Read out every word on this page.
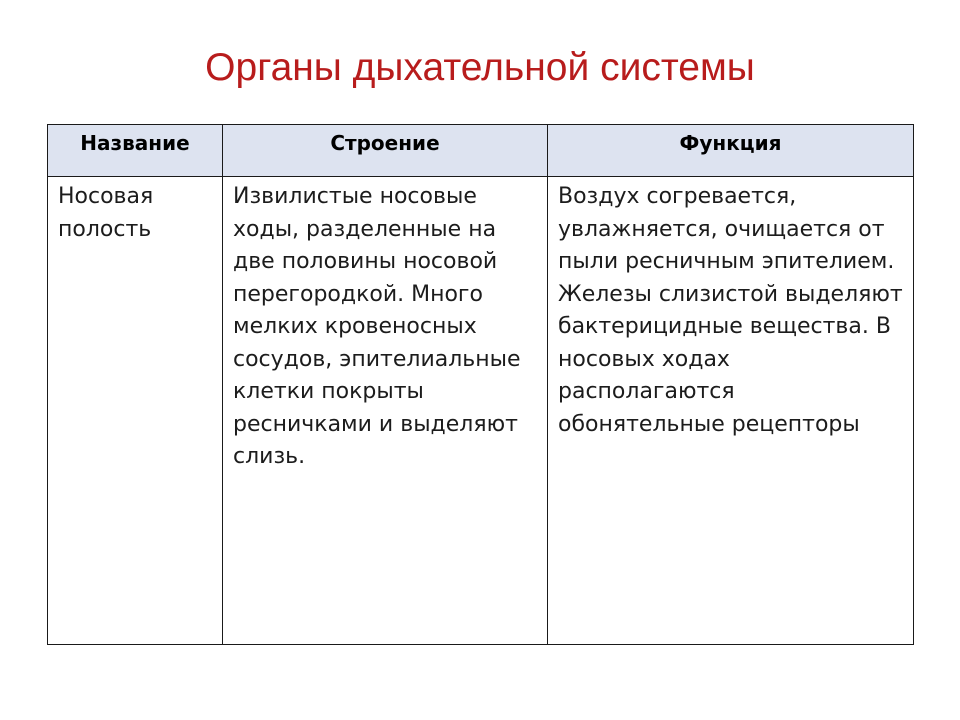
Органы дыхательной системы
Название	Строение	Функция
Носовая полость	Извилистые носовые ходы, разделенные на две половины носовой перегородкой. Много мелких кровеносных сосудов, эпителиальные клетки покрыты ресничками и выделяют слизь.	Воздух согревается, увлажняется, очищается от пыли ресничным эпителием. Железы слизистой выделяют бактерицидные вещества. В носовых ходах располагаются обонятельные рецепторы
